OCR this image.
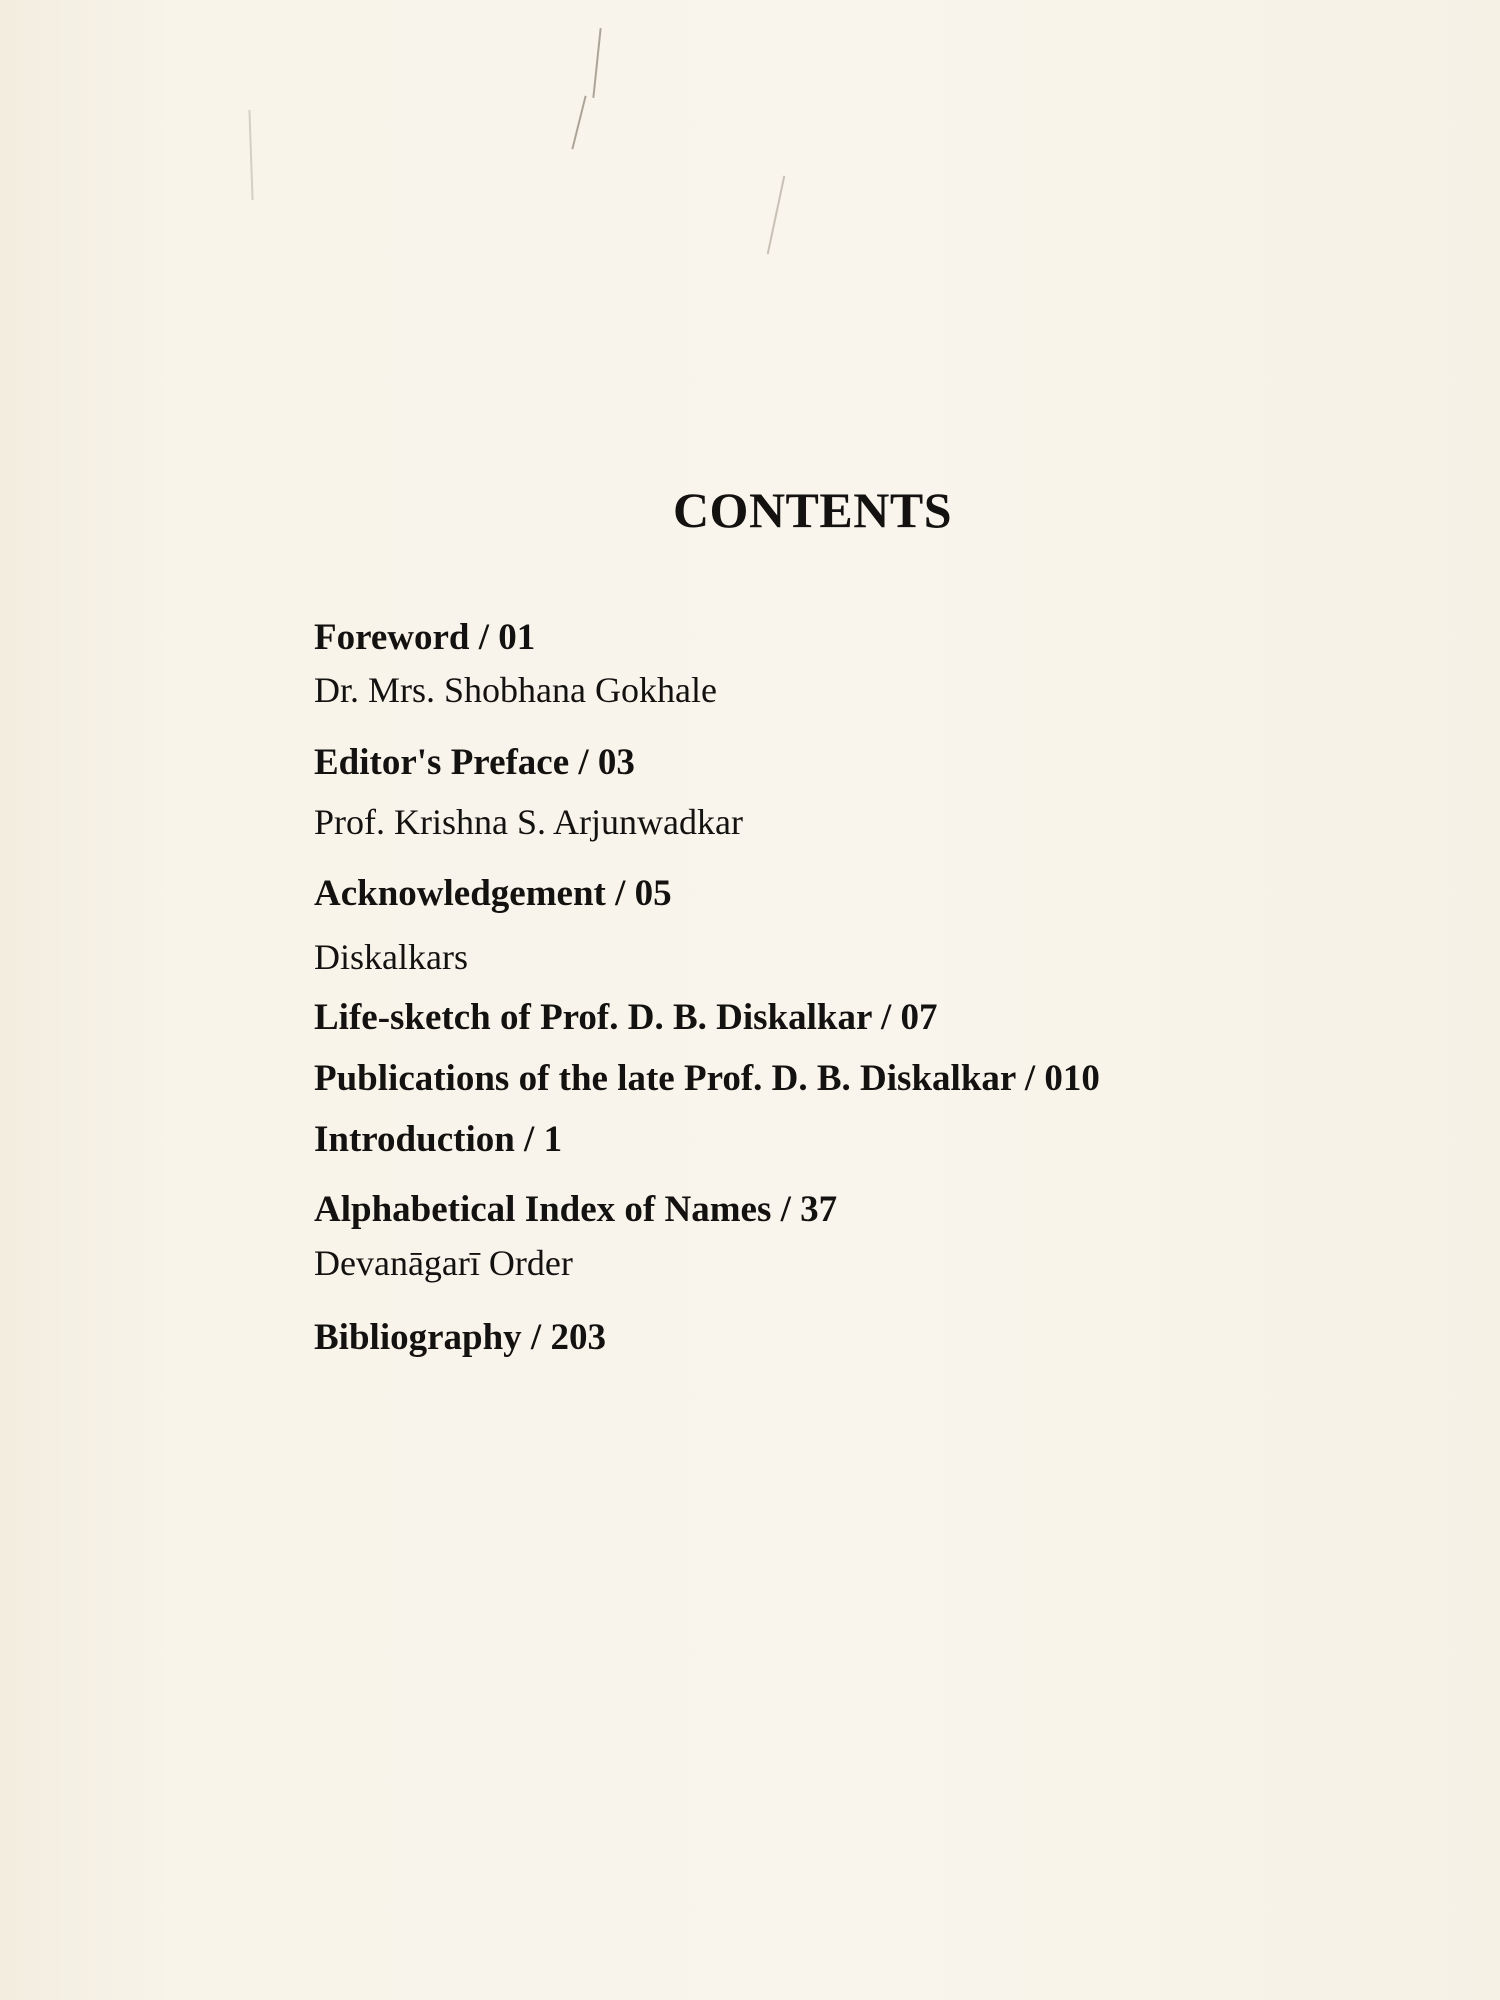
CONTENTS
Foreword / 01
Dr. Mrs. Shobhana Gokhale
Editor's Preface / 03
Prof. Krishna S. Arjunwadkar
Acknowledgement / 05
Diskalkars
Life-sketch of Prof. D. B. Diskalkar / 07
Publications of the late Prof. D. B. Diskalkar / 010
Introduction / 1
Alphabetical Index of Names / 37
Devanāgarī Order
Bibliography / 203
